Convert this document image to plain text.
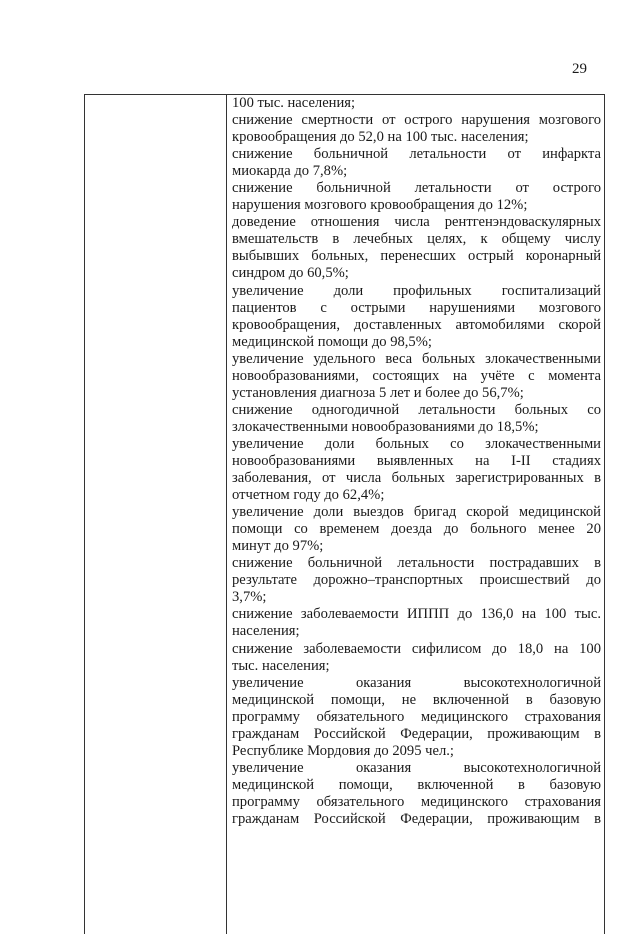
29
100 тыс. населения;
снижение смертности от острого нарушения мозгового
кровообращения до 52,0 на 100 тыс. населения;
снижение больничной летальности от инфаркта
миокарда до 7,8%;
снижение больничной летальности от острого
нарушения мозгового кровообращения до 12%;
доведение отношения числа рентгенэндоваскулярных
вмешательств в лечебных целях, к общему числу
выбывших больных, перенесших острый коронарный
синдром до 60,5%;
увеличение доли профильных госпитализаций
пациентов с острыми нарушениями мозгового
кровообращения, доставленных автомобилями скорой
медицинской помощи до 98,5%;
увеличение удельного веса больных злокачественными
новообразованиями, состоящих на учёте с момента
установления диагноза 5 лет и более до 56,7%;
снижение одногодичной летальности больных со
злокачественными новообразованиями до 18,5%;
увеличение доли больных со злокачественными
новообразованиями выявленных на I-II стадиях
заболевания, от числа больных зарегистрированных в
отчетном году до 62,4%;
увеличение доли выездов бригад скорой медицинской
помощи со временем доезда до больного менее 20
минут до 97%;
снижение больничной летальности пострадавших в
результате дорожно–транспортных происшествий до
3,7%;
снижение заболеваемости ИППП до 136,0 на 100 тыс.
населения;
снижение заболеваемости сифилисом до 18,0 на 100
тыс. населения;
увеличение оказания высокотехнологичной
медицинской помощи, не включенной в базовую
программу обязательного медицинского страхования
гражданам Российской Федерации, проживающим в
Республике Мордовия до 2095 чел.;
увеличение оказания высокотехнологичной
медицинской помощи, включенной в базовую
программу обязательного медицинского страхования
гражданам Российской Федерации, проживающим в
